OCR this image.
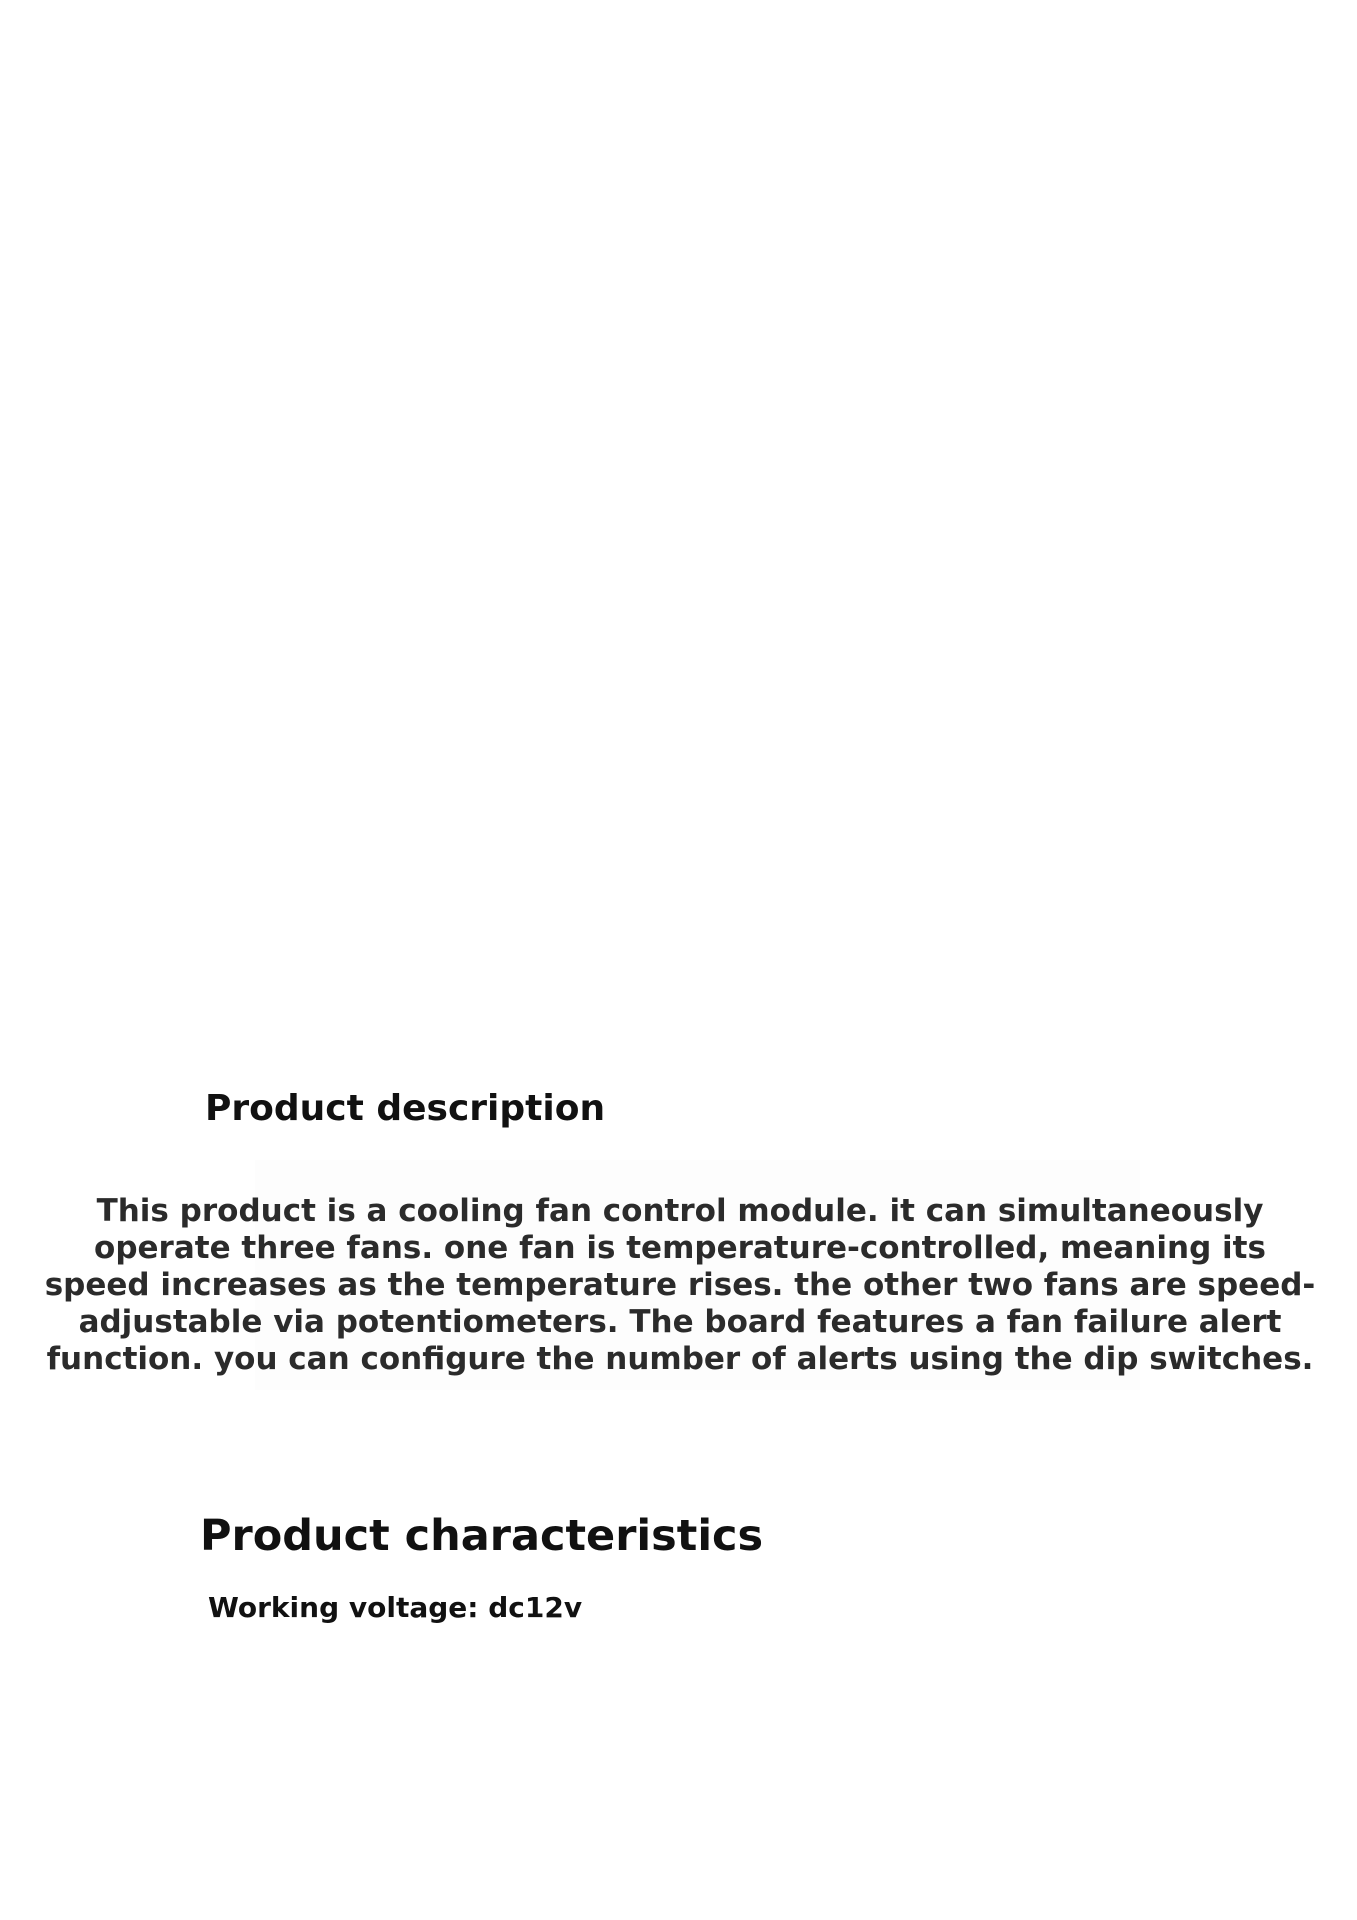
Product description

This product is a cooling fan control module. it can simultaneously operate three fans. one fan is temperature-controlled, meaning its speed increases as the temperature rises. the other two fans are speed-adjustable via potentiometers. The board features a fan failure alert function. you can configure the number of alerts using the dip switches.

Product characteristics

Working voltage: dc12v
